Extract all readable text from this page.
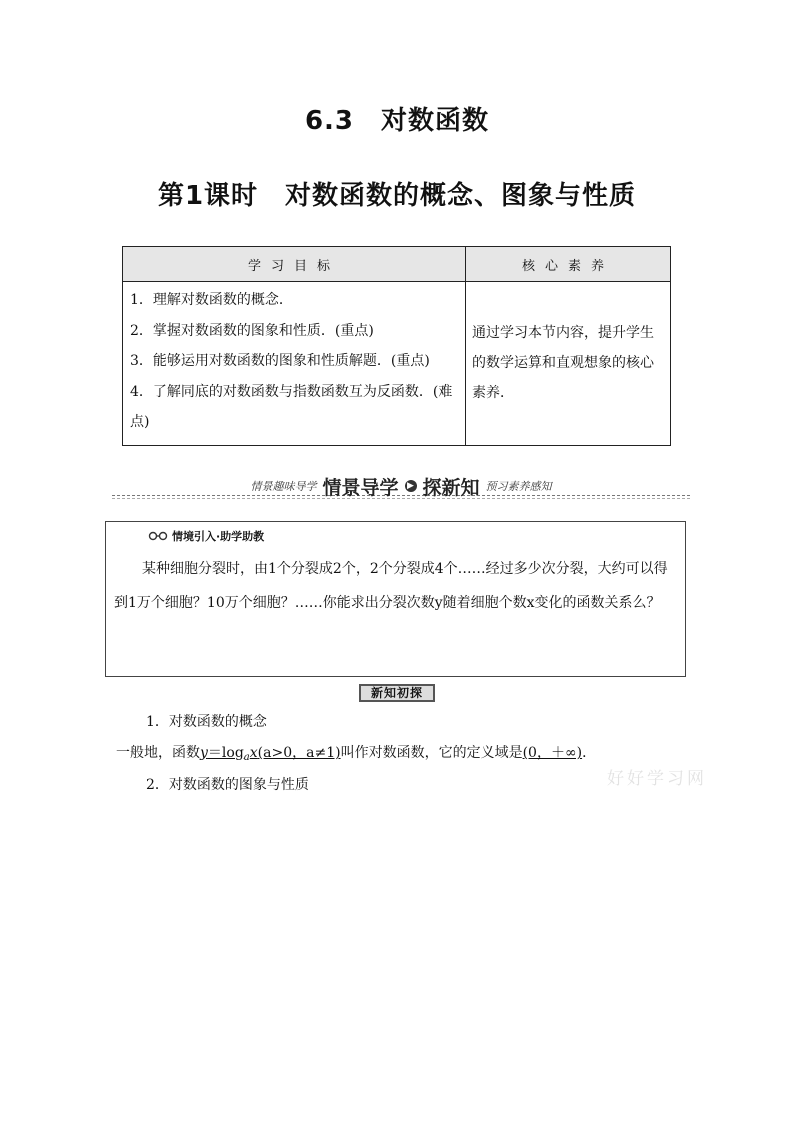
6.3　对数函数
第1课时　对数函数的概念、图象与性质
学习目标	核心素养

1．理解对数函数的概念．
2．掌握对数函数的图象和性质．(重点)
3．能够运用对数函数的图象和性质解题．(重点)
4．了解同底的对数函数与指数函数互为反函数．(难点)	通过学习本节内容，提升学生的数学运算和直观想象的核心素养．
情景趣味导学 情景导学 ▶ 探新知 预习素养感知
情境引入·助学助教
某种细胞分裂时，由1个分裂成2个，2个分裂成4个……经过多少次分裂，大约可以得到1万个细胞？10万个细胞？……你能求出分裂次数y随着细胞个数x变化的函数关系么？
新知初探
1．对数函数的概念
一般地，函数$y=\log_ax(a>0$，a≠1)叫作对数函数，它的定义域是(0，＋∞)．
2．对数函数的图象与性质	好好学习网
